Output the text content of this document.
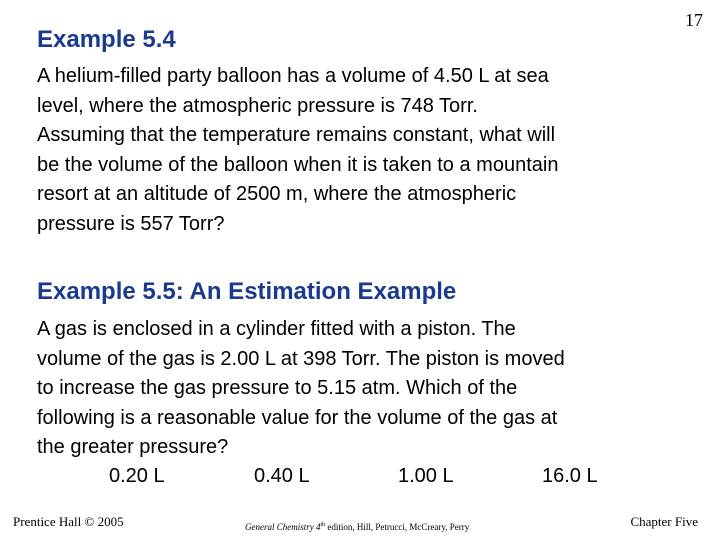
17
Example 5.4
A helium-filled party balloon has a volume of 4.50 L at sea
level, where the atmospheric pressure is 748 Torr.
Assuming that the temperature remains constant, what will
be the volume of the balloon when it is taken to a mountain
resort at an altitude of 2500 m, where the atmospheric
pressure is 557 Torr?
Example 5.5: An Estimation Example
A gas is enclosed in a cylinder fitted with a piston. The
volume of the gas is 2.00 L at 398 Torr. The piston is moved
to increase the gas pressure to 5.15 atm. Which of the
following is a reasonable value for the volume of the gas at
the greater pressure?
0.20 L	0.40 L	1.00 L	16.0 L
Prentice Hall © 2005	General Chemistry 4th edition, Hill, Petrucci, McCreary, Perry	Chapter Five
